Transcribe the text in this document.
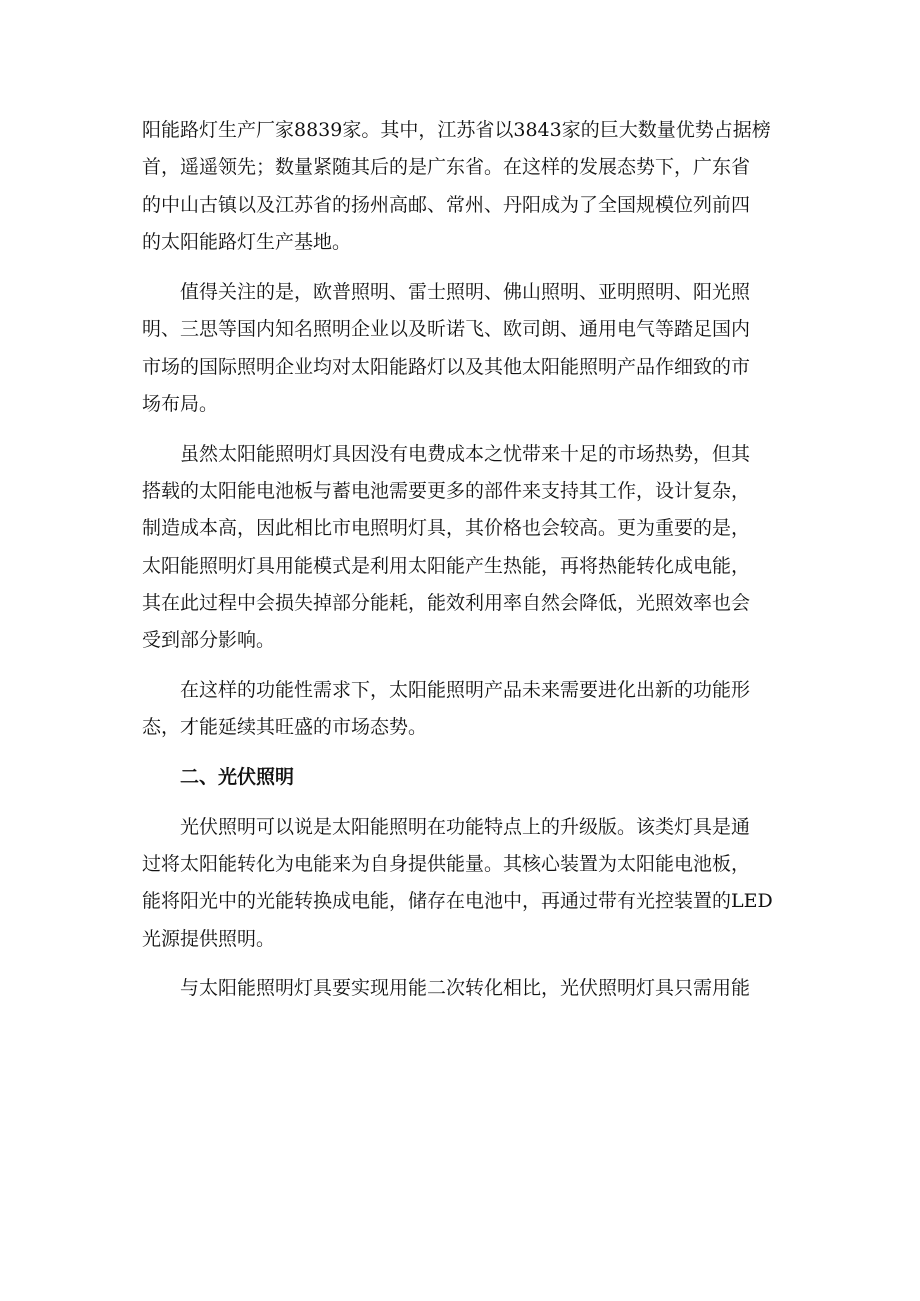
阳能路灯生产厂家8839家。其中，江苏省以3843家的巨大数量优势占据榜
首，遥遥领先；数量紧随其后的是广东省。在这样的发展态势下，广东省
的中山古镇以及江苏省的扬州高邮、常州、丹阳成为了全国规模位列前四
的太阳能路灯生产基地。
值得关注的是，欧普照明、雷士照明、佛山照明、亚明照明、阳光照
明、三思等国内知名照明企业以及昕诺飞、欧司朗、通用电气等踏足国内
市场的国际照明企业均对太阳能路灯以及其他太阳能照明产品作细致的市
场布局。
虽然太阳能照明灯具因没有电费成本之忧带来十足的市场热势，但其
搭载的太阳能电池板与蓄电池需要更多的部件来支持其工作，设计复杂，
制造成本高，因此相比市电照明灯具，其价格也会较高。更为重要的是，
太阳能照明灯具用能模式是利用太阳能产生热能，再将热能转化成电能，
其在此过程中会损失掉部分能耗，能效利用率自然会降低，光照效率也会
受到部分影响。
在这样的功能性需求下，太阳能照明产品未来需要进化出新的功能形
态，才能延续其旺盛的市场态势。
二、光伏照明
光伏照明可以说是太阳能照明在功能特点上的升级版。该类灯具是通
过将太阳能转化为电能来为自身提供能量。其核心装置为太阳能电池板，
能将阳光中的光能转换成电能，储存在电池中，再通过带有光控装置的LED
光源提供照明。
与太阳能照明灯具要实现用能二次转化相比，光伏照明灯具只需用能
